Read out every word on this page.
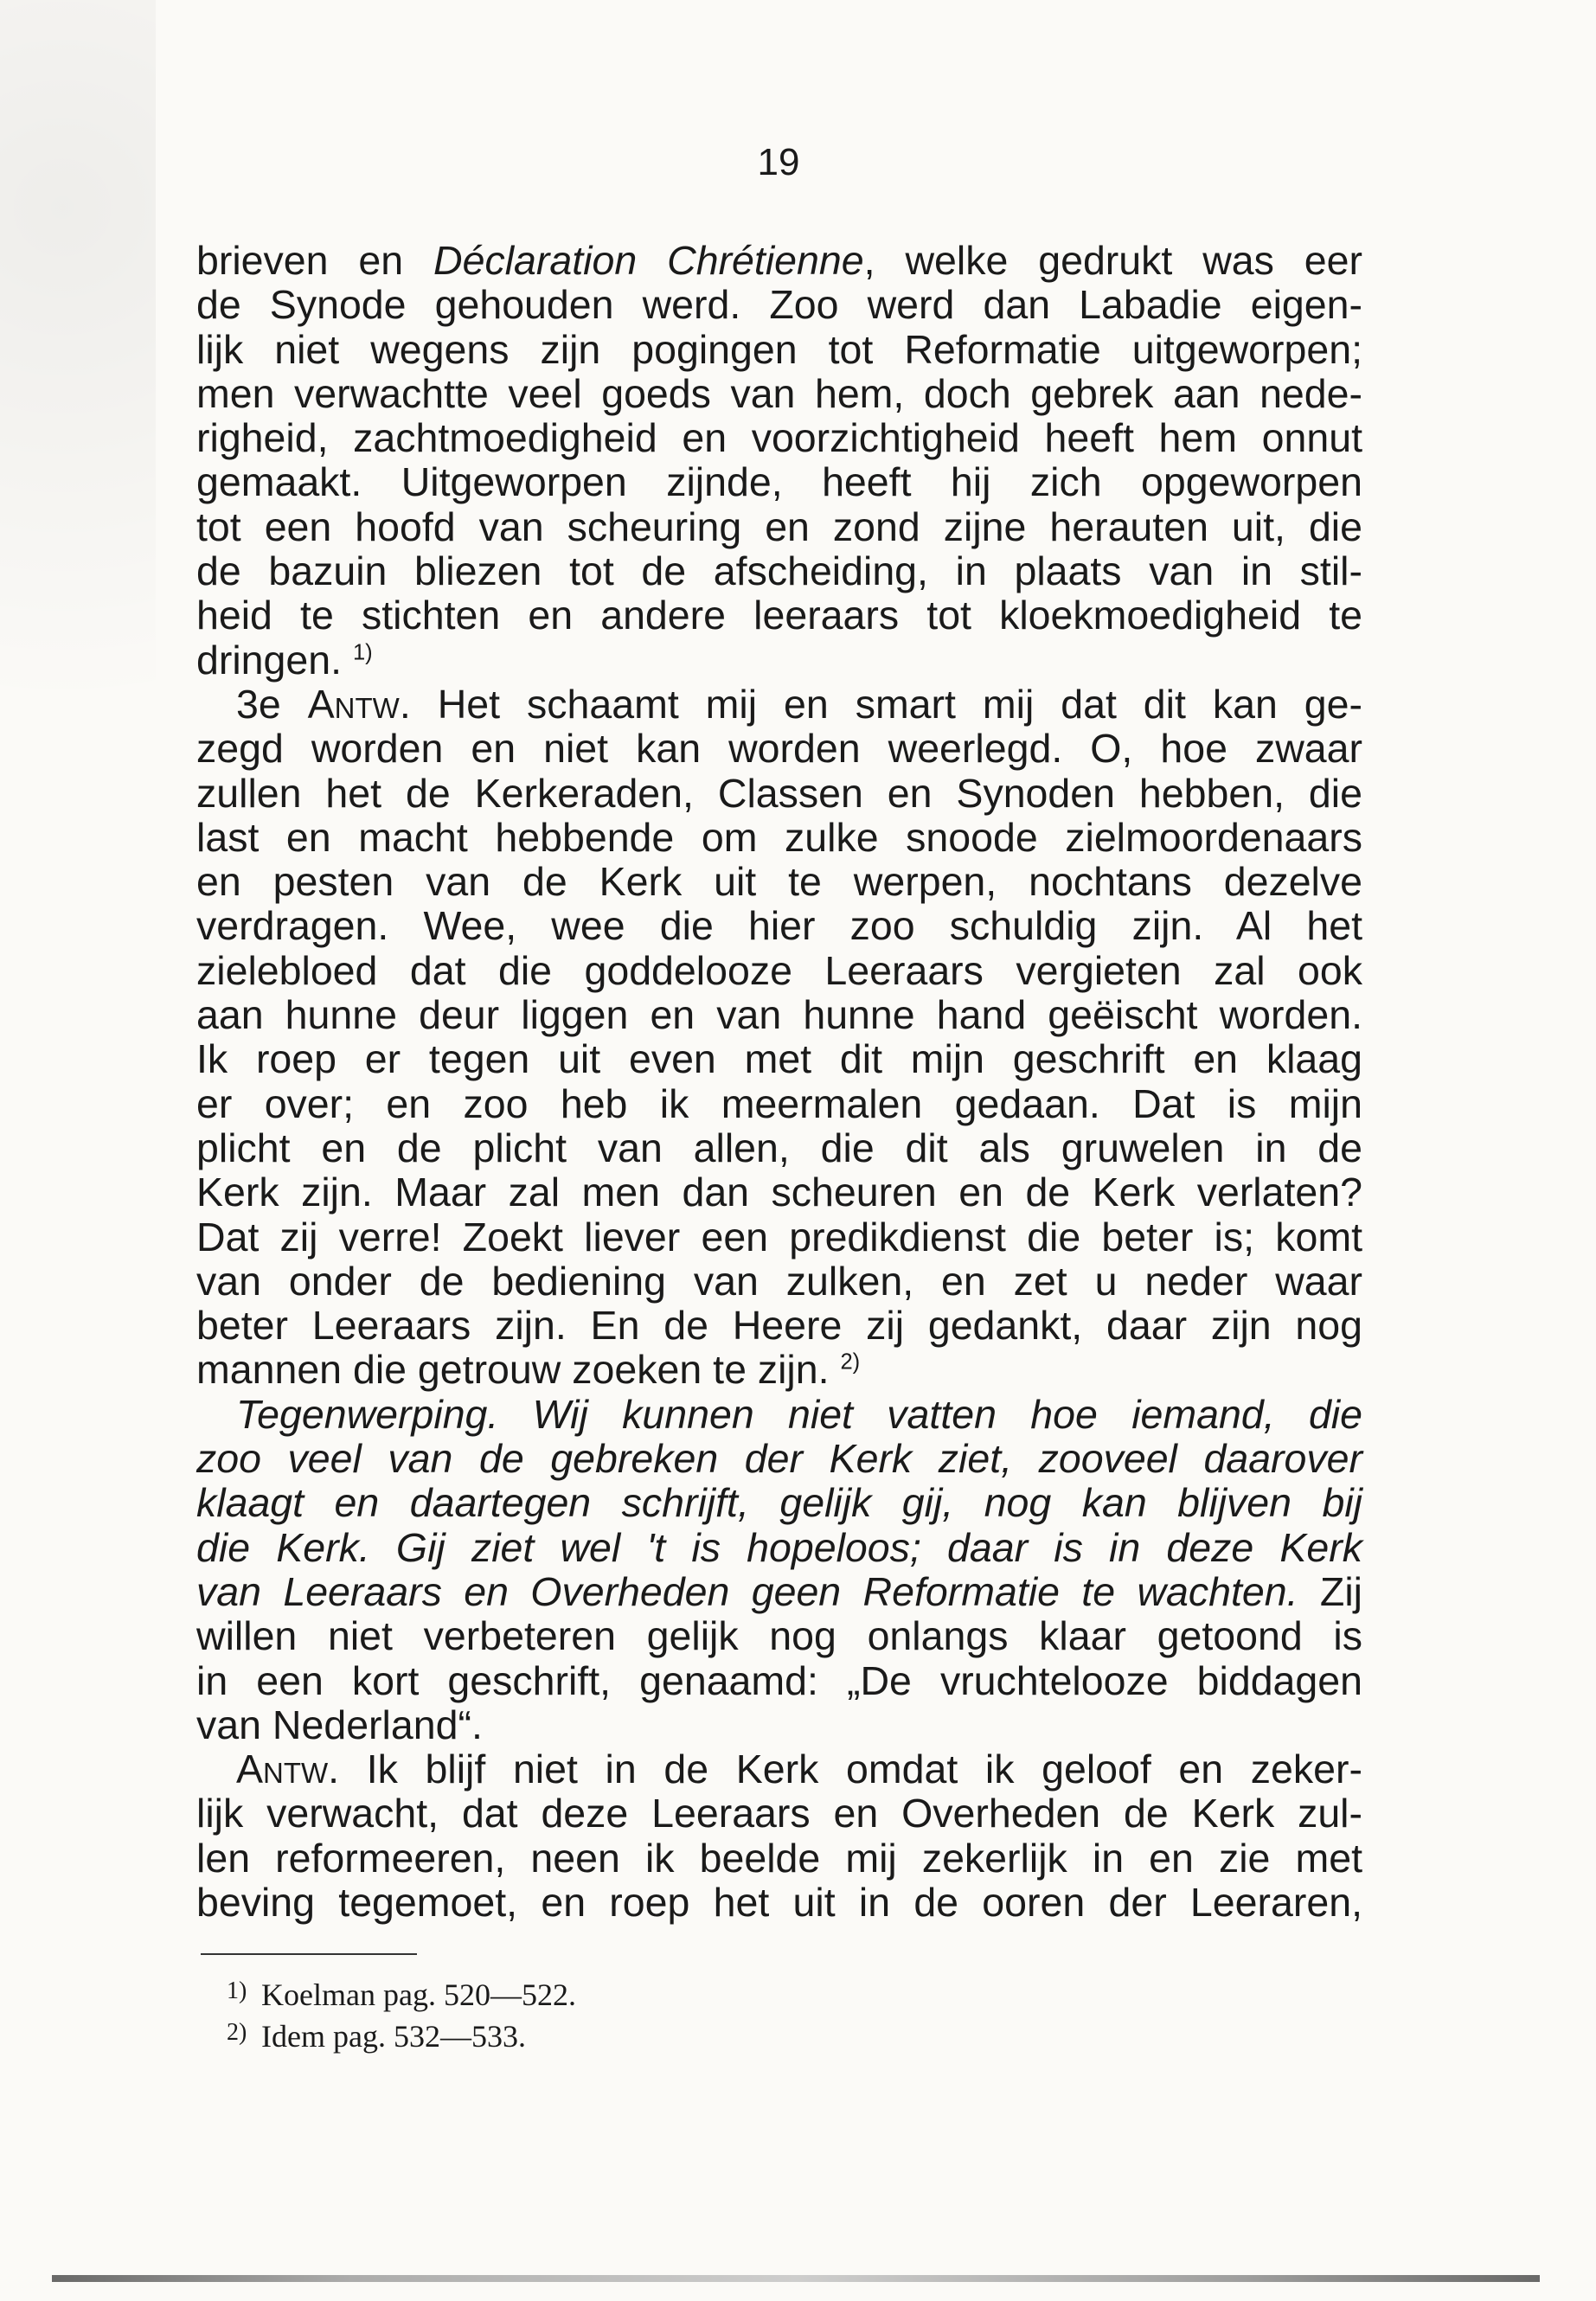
19
brieven en Déclaration Chrétienne, welke gedrukt was eer
de Synode gehouden werd. Zoo werd dan Labadie eigen-
lijk niet wegens zijn pogingen tot Reformatie uitgeworpen;
men verwachtte veel goeds van hem, doch gebrek aan nede-
righeid, zachtmoedigheid en voorzichtigheid heeft hem onnut
gemaakt. Uitgeworpen zijnde, heeft hij zich opgeworpen
tot een hoofd van scheuring en zond zijne herauten uit, die
de bazuin bliezen tot de afscheiding, in plaats van in stil-
heid te stichten en andere leeraars tot kloekmoedigheid te
dringen. $^{1)}$
3e Antw. Het schaamt mij en smart mij dat dit kan ge-
zegd worden en niet kan worden weerlegd. O, hoe zwaar
zullen het de Kerkeraden, Classen en Synoden hebben, die
last en macht hebbende om zulke snoode zielmoordenaars
en pesten van de Kerk uit te werpen, nochtans dezelve
verdragen. Wee, wee die hier zoo schuldig zijn. Al het
zielebloed dat die goddelooze Leeraars vergieten zal ook
aan hunne deur liggen en van hunne hand geëischt worden.
Ik roep er tegen uit even met dit mijn geschrift en klaag
er over; en zoo heb ik meermalen gedaan. Dat is mijn
plicht en de plicht van allen, die dit als gruwelen in de
Kerk zijn. Maar zal men dan scheuren en de Kerk verlaten?
Dat zij verre! Zoekt liever een predikdienst die beter is; komt
van onder de bediening van zulken, en zet u neder waar
beter Leeraars zijn. En de Heere zij gedankt, daar zijn nog
mannen die getrouw zoeken te zijn. $^{2)}$
Tegenwerping. Wij kunnen niet vatten hoe iemand, die
zoo veel van de gebreken der Kerk ziet, zooveel daarover
klaagt en daartegen schrijft, gelijk gij, nog kan blijven bij
die Kerk. Gij ziet wel 't is hopeloos; daar is in deze Kerk
van Leeraars en Overheden geen Reformatie te wachten. Zij
willen niet verbeteren gelijk nog onlangs klaar getoond is
in een kort geschrift, genaamd: „De vruchtelooze biddagen
van Nederland“.
Antw. Ik blijf niet in de Kerk omdat ik geloof en zeker-
lijk verwacht, dat deze Leeraars en Overheden de Kerk zul-
len reformeeren, neen ik beelde mij zekerlijk in en zie met
beving tegemoet, en roep het uit in de ooren der Leeraren,
1) Koelman pag. 520—522.
2) Idem pag. 532—533.
